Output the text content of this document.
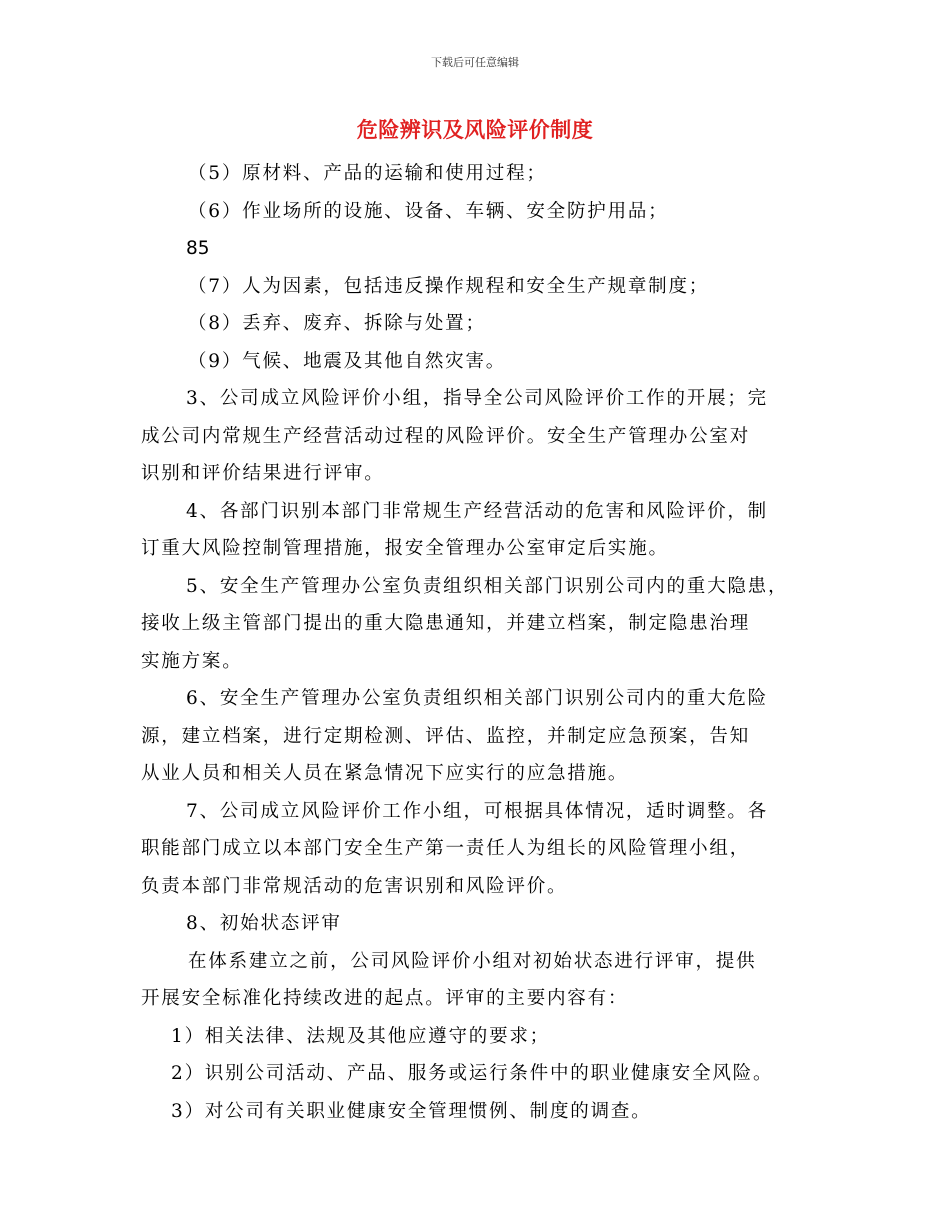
下载后可任意编辑
危险辨识及风险评价制度
（5）原材料、产品的运输和使用过程；
（6）作业场所的设施、设备、车辆、安全防护用品；
85
（7）人为因素，包括违反操作规程和安全生产规章制度；
（8）丢弃、废弃、拆除与处置；
（9）气候、地震及其他自然灾害。
3、公司成立风险评价小组，指导全公司风险评价工作的开展；完
成公司内常规生产经营活动过程的风险评价。安全生产管理办公室对
识别和评价结果进行评审。
4、各部门识别本部门非常规生产经营活动的危害和风险评价，制
订重大风险控制管理措施，报安全管理办公室审定后实施。
5、安全生产管理办公室负责组织相关部门识别公司内的重大隐患，
接收上级主管部门提出的重大隐患通知，并建立档案，制定隐患治理
实施方案。
6、安全生产管理办公室负责组织相关部门识别公司内的重大危险
源，建立档案，进行定期检测、评估、监控，并制定应急预案，告知
从业人员和相关人员在紧急情况下应实行的应急措施。
7、公司成立风险评价工作小组，可根据具体情况，适时调整。各
职能部门成立以本部门安全生产第一责任人为组长的风险管理小组，
负责本部门非常规活动的危害识别和风险评价。
8、初始状态评审
在体系建立之前，公司风险评价小组对初始状态进行评审，提供
开展安全标准化持续改进的起点。评审的主要内容有：
1）相关法律、法规及其他应遵守的要求；
2）识别公司活动、产品、服务或运行条件中的职业健康安全风险。
3）对公司有关职业健康安全管理惯例、制度的调查。
